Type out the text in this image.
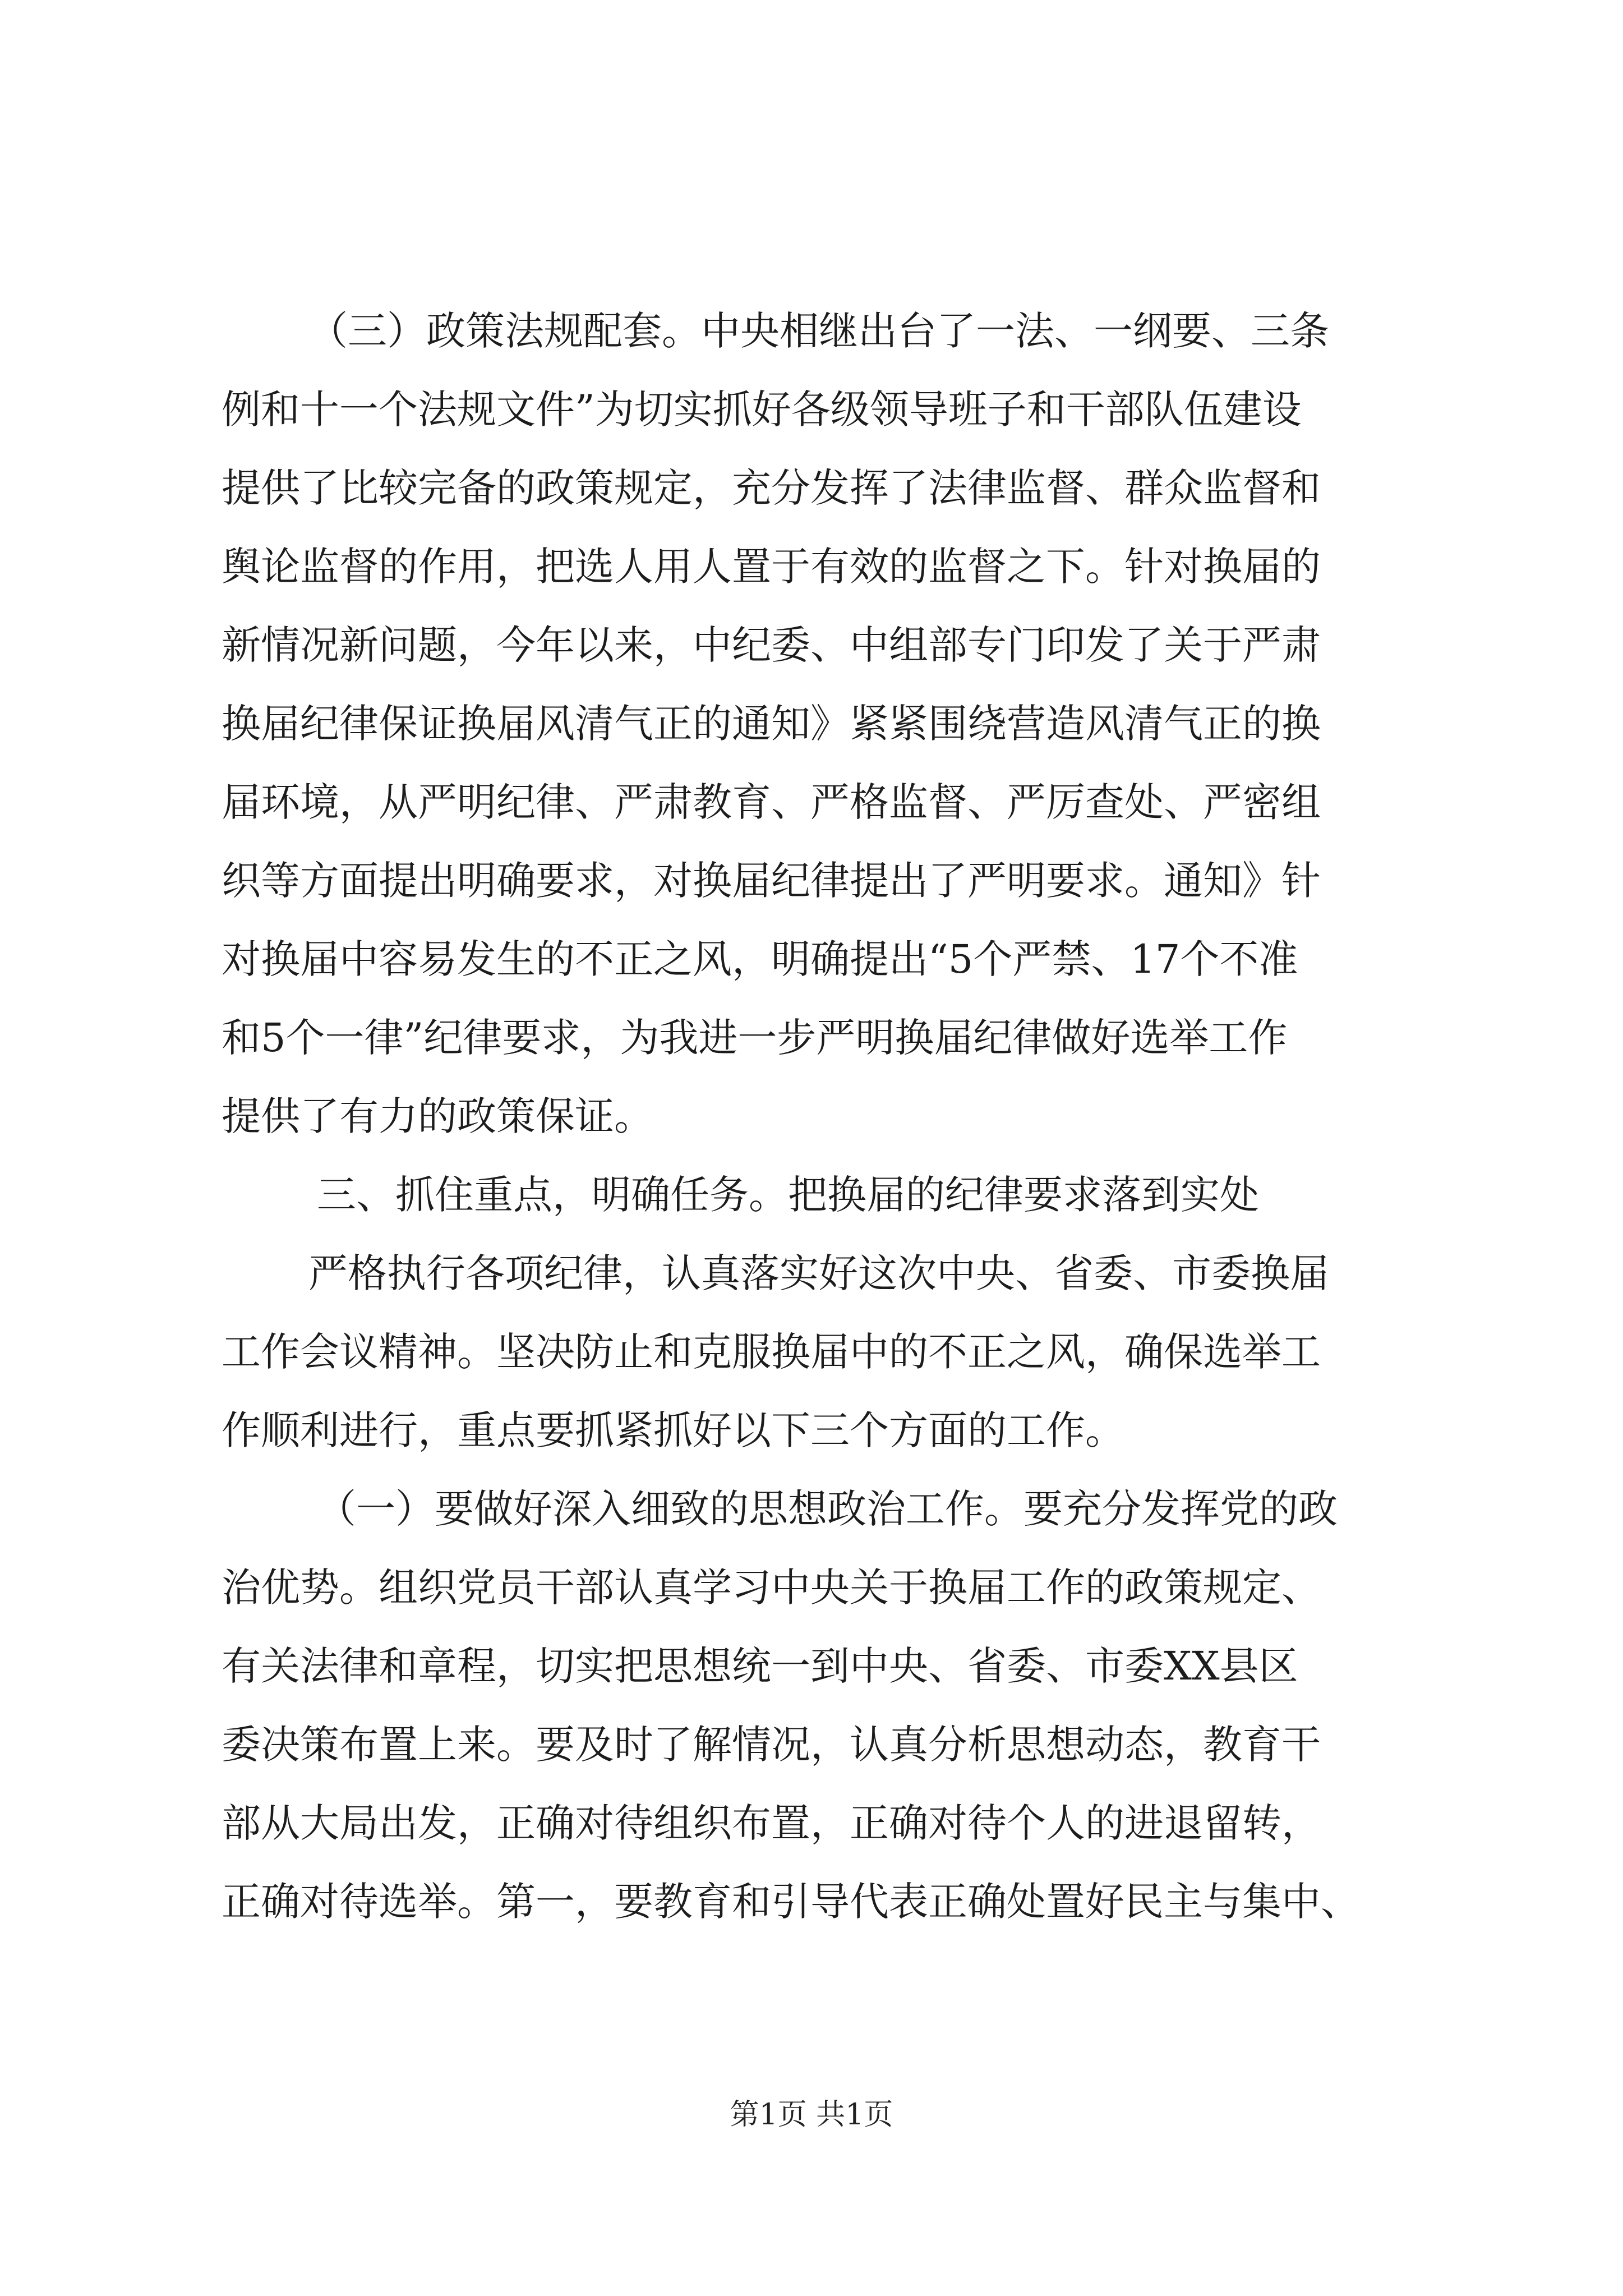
（三）政策法规配套。中央相继出台了一法、一纲要、三条
例和十一个法规文件”为切实抓好各级领导班子和干部队伍建设
提供了比较完备的政策规定，充分发挥了法律监督、群众监督和
舆论监督的作用，把选人用人置于有效的监督之下。针对换届的
新情况新问题，今年以来，中纪委、中组部专门印发了关于严肃
换届纪律保证换届风清气正的通知》紧紧围绕营造风清气正的换
届环境，从严明纪律、严肃教育、严格监督、严厉查处、严密组
织等方面提出明确要求，对换届纪律提出了严明要求。通知》针
对换届中容易发生的不正之风，明确提出“5个严禁、17个不准
和5个一律”纪律要求，为我进一步严明换届纪律做好选举工作
提供了有力的政策保证。
三、抓住重点，明确任务。把换届的纪律要求落到实处
严格执行各项纪律，认真落实好这次中央、省委、市委换届
工作会议精神。坚决防止和克服换届中的不正之风，确保选举工
作顺利进行，重点要抓紧抓好以下三个方面的工作。
（一）要做好深入细致的思想政治工作。要充分发挥党的政
治优势。组织党员干部认真学习中央关于换届工作的政策规定、
有关法律和章程，切实把思想统一到中央、省委、市委XX县区
委决策布置上来。要及时了解情况，认真分析思想动态，教育干
部从大局出发，正确对待组织布置，正确对待个人的进退留转，
正确对待选举。第一，要教育和引导代表正确处置好民主与集中、
第1页 共1页
